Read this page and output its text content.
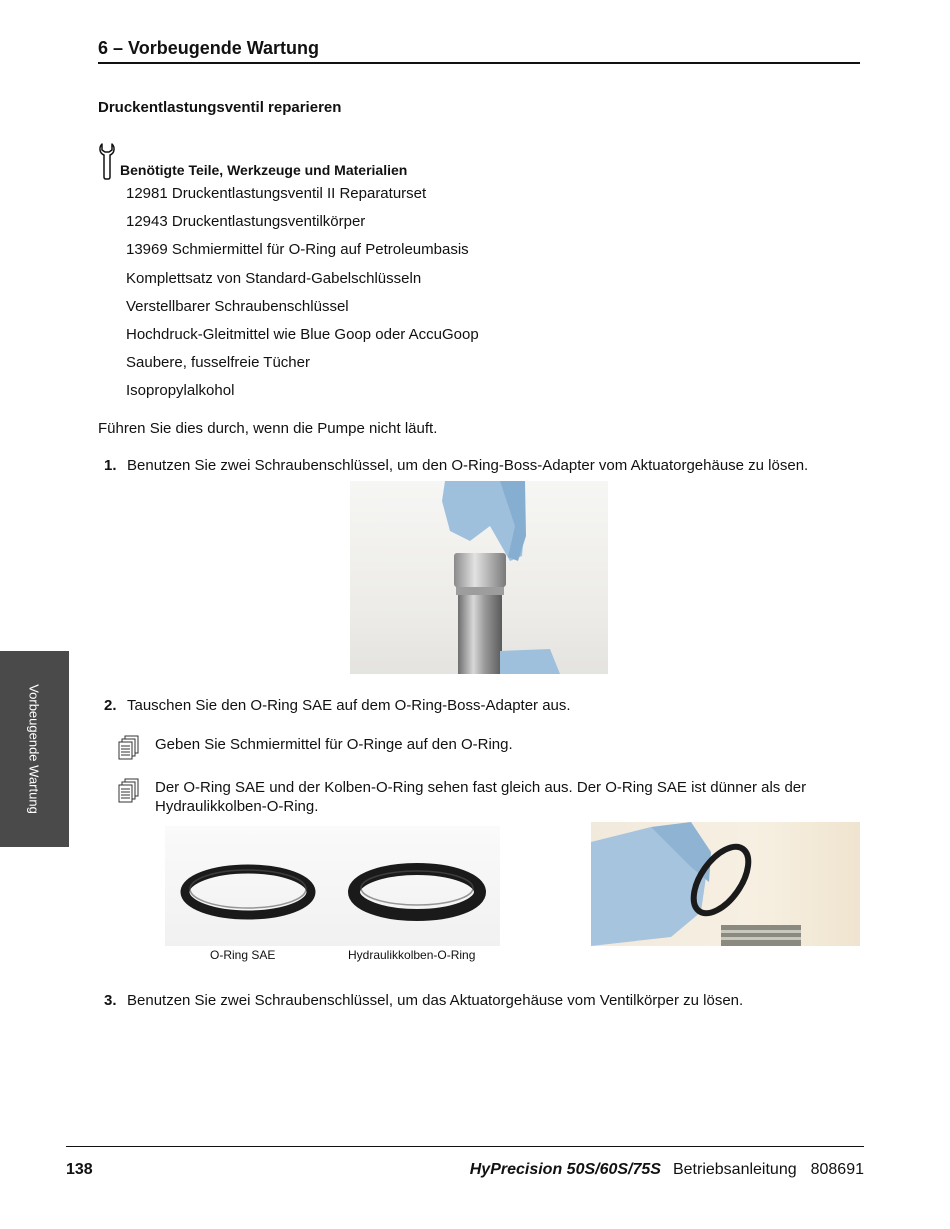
6 – Vorbeugende Wartung
Druckentlastungsventil reparieren
Benötigte Teile, Werkzeuge und Materialien
12981 Druckentlastungsventil II Reparaturset
12943 Druckentlastungsventilkörper
13969 Schmiermittel für O-Ring auf Petroleumbasis
Komplettsatz von Standard-Gabelschlüsseln
Verstellbarer Schraubenschlüssel
Hochdruck-Gleitmittel wie Blue Goop oder AccuGoop
Saubere, fusselfreie Tücher
Isopropylalkohol
Führen Sie dies durch, wenn die Pumpe nicht läuft.
1. Benutzen Sie zwei Schraubenschlüssel, um den O-Ring-Boss-Adapter vom Aktuatorgehäuse zu lösen.
2. Tauschen Sie den O-Ring SAE auf dem O-Ring-Boss-Adapter aus.
Geben Sie Schmiermittel für O-Ringe auf den O-Ring.
Der O-Ring SAE und der Kolben-O-Ring sehen fast gleich aus. Der O-Ring SAE ist dünner als der Hydraulikkolben-O-Ring.
O-Ring SAE	Hydraulikkolben-O-Ring
3. Benutzen Sie zwei Schraubenschlüssel, um das Aktuatorgehäuse vom Ventilkörper zu lösen.
Vorbeugende Wartung
138	HyPrecision 50S/60S/75S Betriebsanleitung 808691
